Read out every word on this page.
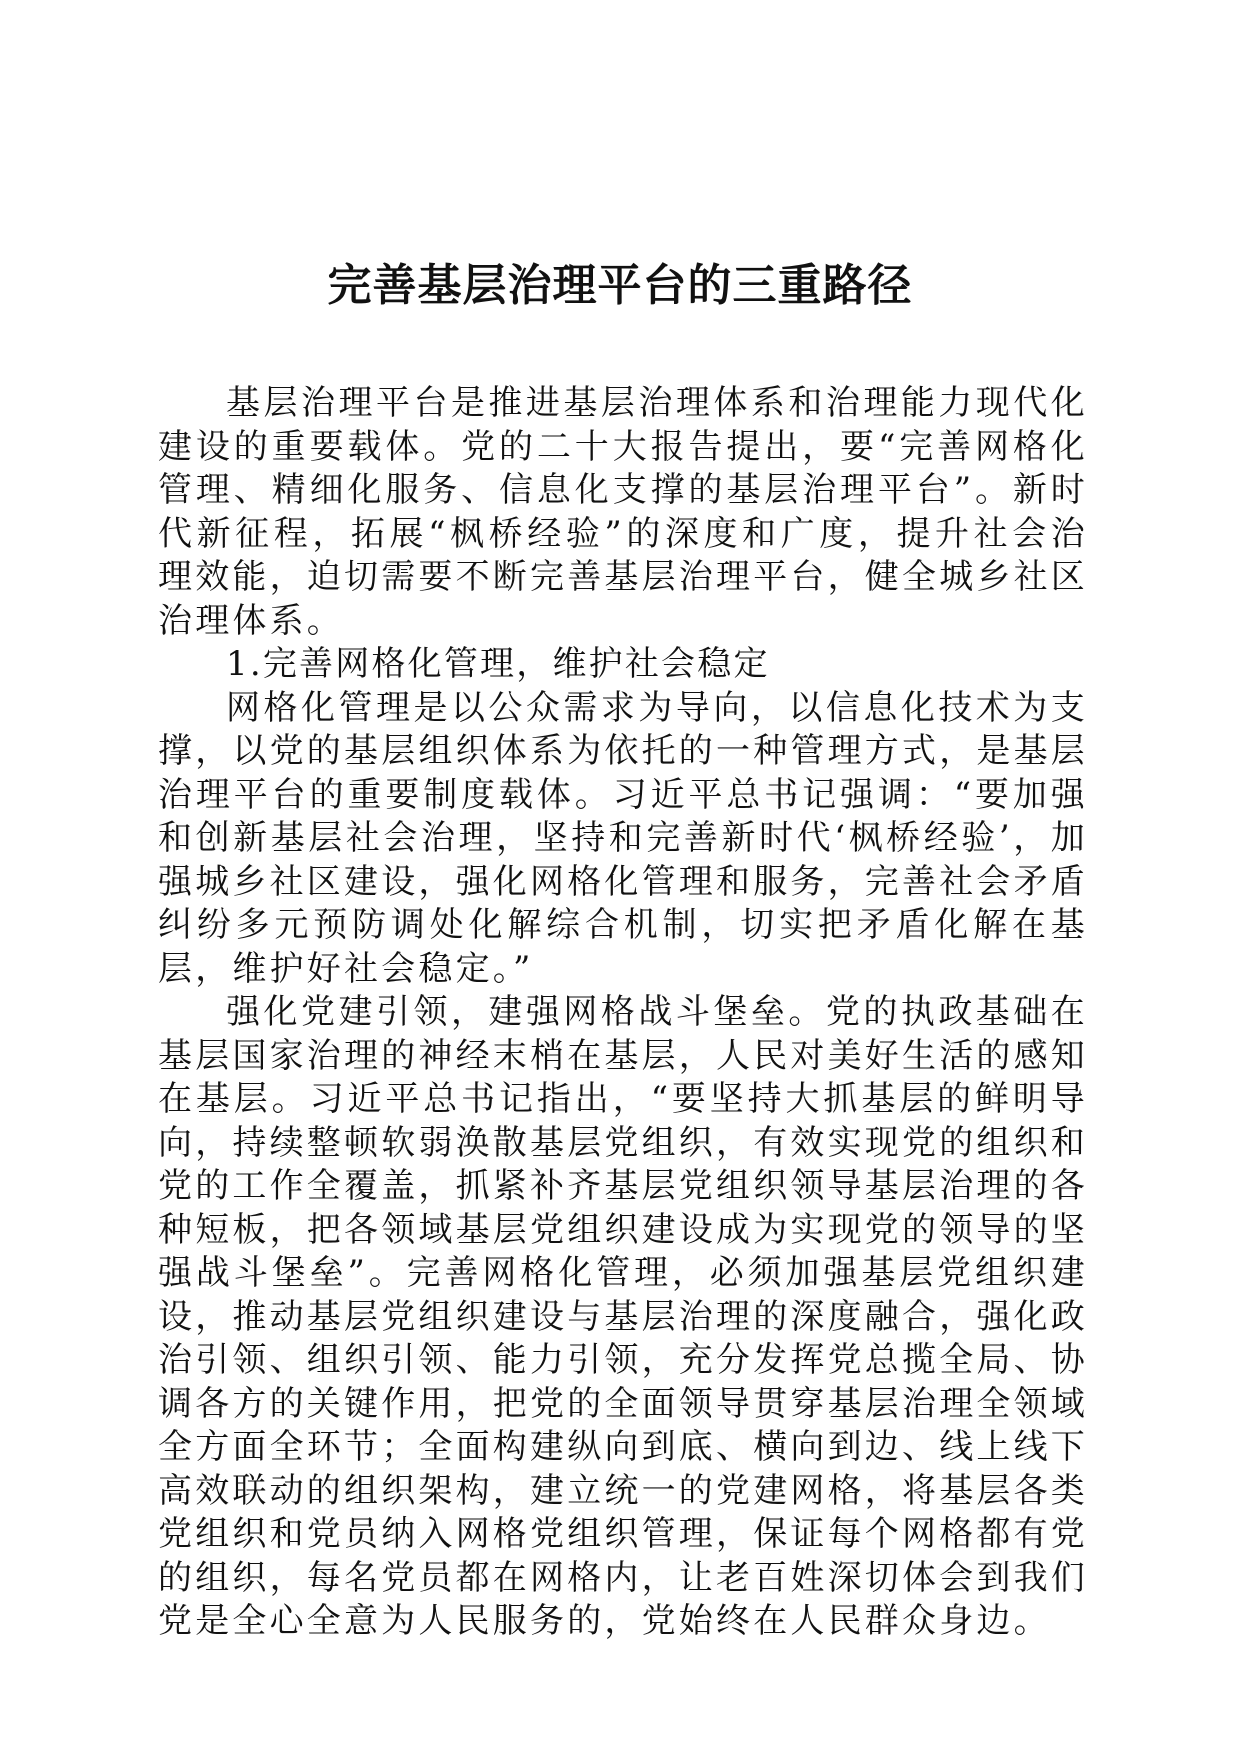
完善基层治理平台的三重路径

基层治理平台是推进基层治理体系和治理能力现代化建设的重要载体。党的二十大报告提出，要“完善网格化管理、精细化服务、信息化支撑的基层治理平台”。新时代新征程，拓展“枫桥经验”的深度和广度，提升社会治理效能，迫切需要不断完善基层治理平台，健全城乡社区治理体系。

1.完善网格化管理，维护社会稳定

网格化管理是以公众需求为导向，以信息化技术为支撑，以党的基层组织体系为依托的一种管理方式，是基层治理平台的重要制度载体。习近平总书记强调：“要加强和创新基层社会治理，坚持和完善新时代‘枫桥经验’，加强城乡社区建设，强化网格化管理和服务，完善社会矛盾纠纷多元预防调处化解综合机制，切实把矛盾化解在基层，维护好社会稳定。”

强化党建引领，建强网格战斗堡垒。党的执政基础在基层国家治理的神经末梢在基层，人民对美好生活的感知在基层。习近平总书记指出，“要坚持大抓基层的鲜明导向，持续整顿软弱涣散基层党组织，有效实现党的组织和党的工作全覆盖，抓紧补齐基层党组织领导基层治理的各种短板，把各领域基层党组织建设成为实现党的领导的坚强战斗堡垒”。完善网格化管理，必须加强基层党组织建设，推动基层党组织建设与基层治理的深度融合，强化政治引领、组织引领、能力引领，充分发挥党总揽全局、协调各方的关键作用，把党的全面领导贯穿基层治理全领域全方面全环节；全面构建纵向到底、横向到边、线上线下高效联动的组织架构，建立统一的党建网格，将基层各类党组织和党员纳入网格党组织管理，保证每个网格都有党的组织，每名党员都在网格内，让老百姓深切体会到我们党是全心全意为人民服务的，党始终在人民群众身边。
